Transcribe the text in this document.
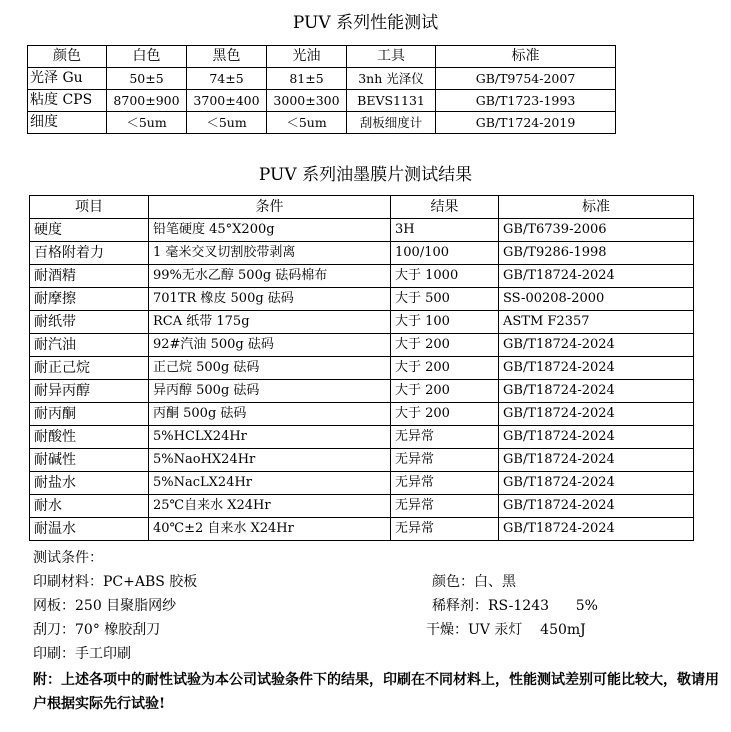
PUV 系列性能测试
颜色	白色	黑色	光油	工具	标准
光泽 Gu	50±5	74±5	81±5	3nh 光泽仪	GB/T9754-2007
粘度 CPS	8700±900	3700±400	3000±300	BEVS1131	GB/T1723-1993
细度	＜5um	＜5um	＜5um	刮板细度计	GB/T1724-2019
PUV 系列油墨膜片测试结果
项目	条件	结果	标准
硬度	铅笔硬度 45°X200g	3H	GB/T6739-2006
百格附着力	1 毫米交叉切割胶带剥离	100/100	GB/T9286-1998
耐酒精	99%无水乙醇 500g 砝码棉布	大于 1000	GB/T18724-2024
耐摩擦	701TR 橡皮 500g 砝码	大于 500	SS-00208-2000
耐纸带	RCA 纸带 175g	大于 100	ASTM F2357
耐汽油	92#汽油 500g 砝码	大于 200	GB/T18724-2024
耐正己烷	正己烷 500g 砝码	大于 200	GB/T18724-2024
耐异丙醇	异丙醇 500g 砝码	大于 200	GB/T18724-2024
耐丙酮	丙酮 500g 砝码	大于 200	GB/T18724-2024
耐酸性	5%HCLX24Hr	无异常	GB/T18724-2024
耐碱性	5%NaoHX24Hr	无异常	GB/T18724-2024
耐盐水	5%NacLX24Hr	无异常	GB/T18724-2024
耐水	25℃自来水 X24Hr	无异常	GB/T18724-2024
耐温水	40℃±2 自来水 X24Hr	无异常	GB/T18724-2024
测试条件：
印刷材料：PC+ABS 胶板	颜色：白、黑
网板：250 目聚脂网纱	稀释剂：RS-1243      5%
刮刀：70° 橡胶刮刀	干燥：UV 汞灯    450mJ
印刷：手工印刷
附：上述各项中的耐性试验为本公司试验条件下的结果，印刷在不同材料上，性能测试差别可能比较大，敬请用户根据实际先行试验!
